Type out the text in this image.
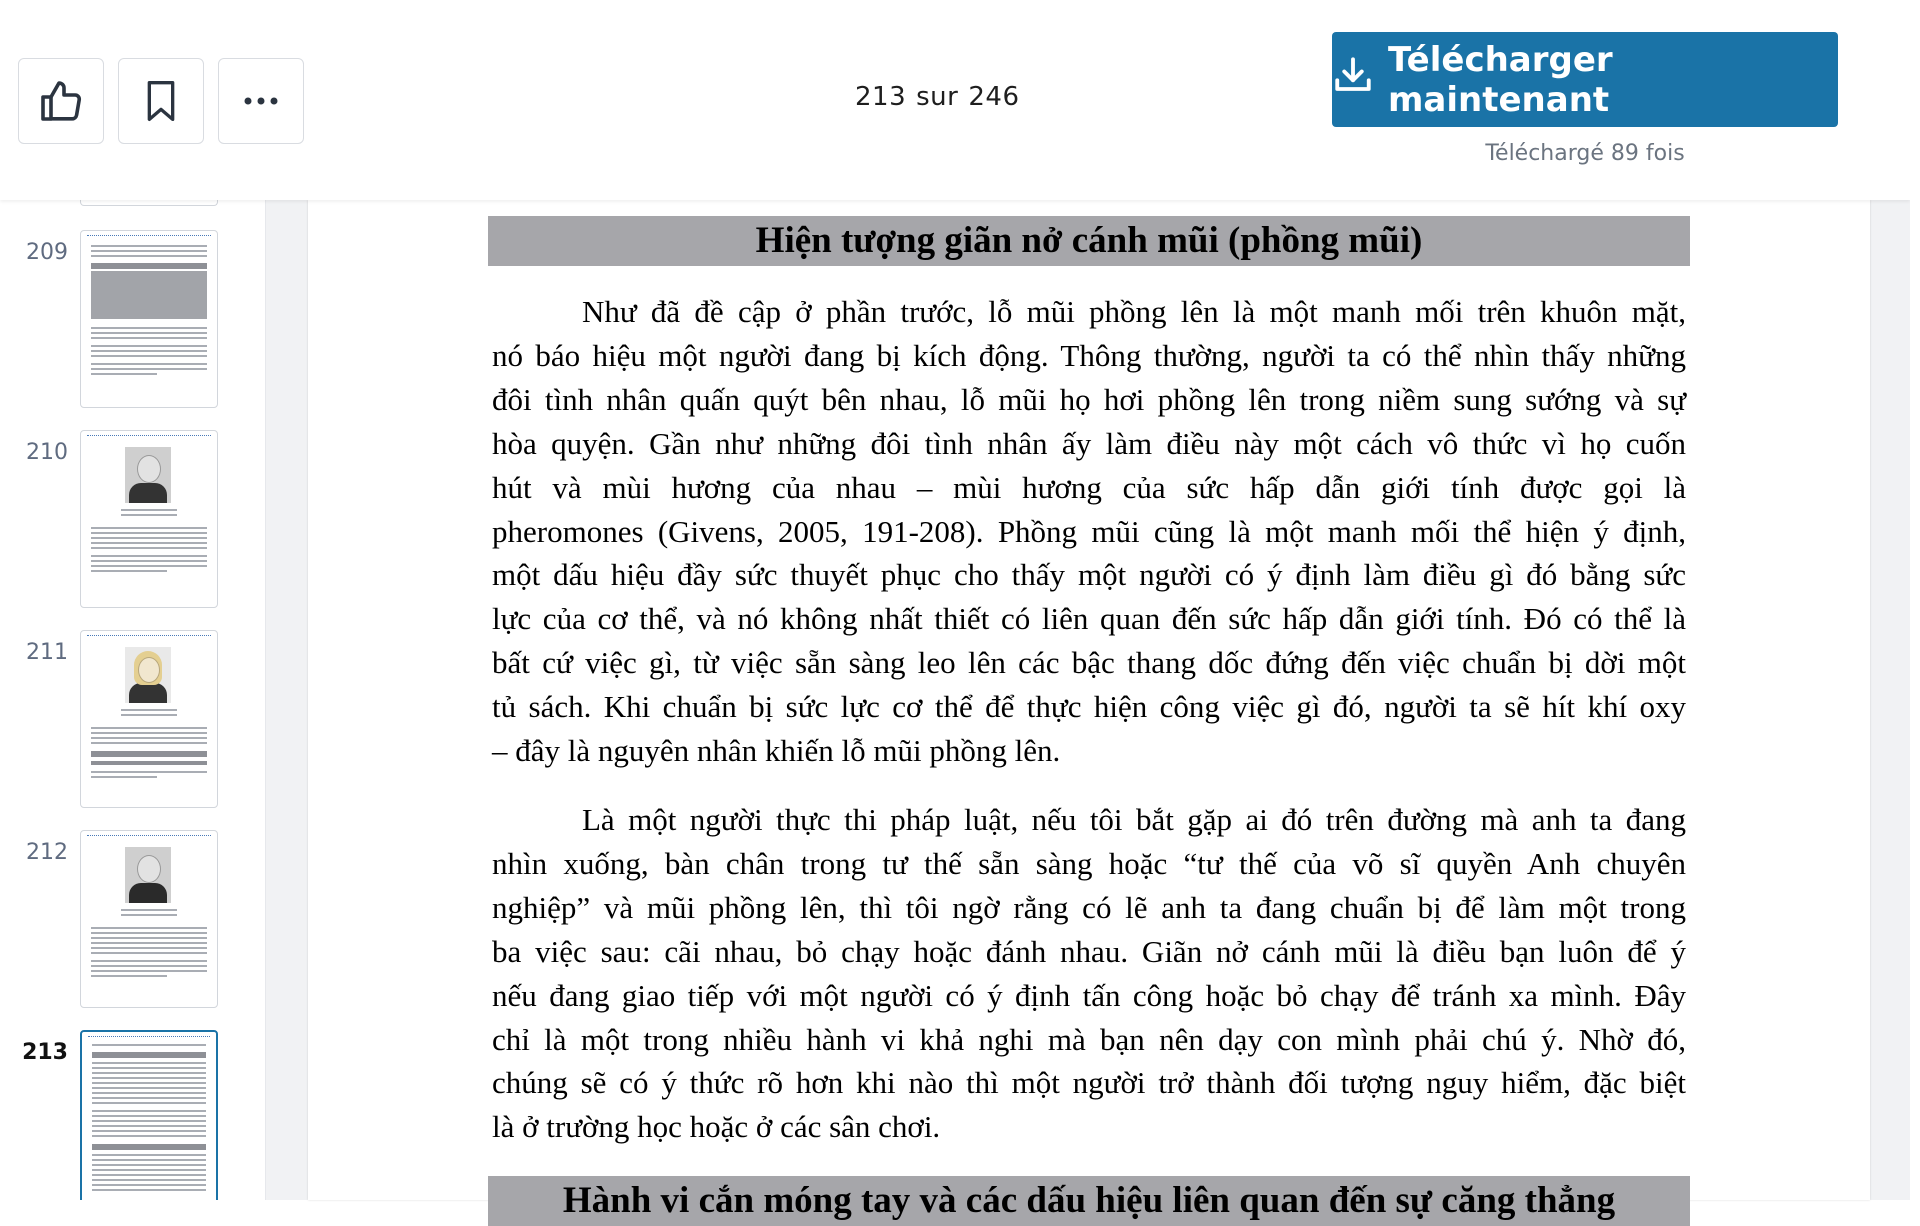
Hiện tượng giãn nở cánh mũi (phồng mũi)
Như đã đề cập ở phần trước, lỗ mũi phồng lên là một manh mối trên khuôn mặt,
nó báo hiệu một người đang bị kích động. Thông thường, người ta có thể nhìn thấy những
đôi tình nhân quấn quýt bên nhau, lỗ mũi họ hơi phồng lên trong niềm sung sướng và sự
hòa quyện. Gần như những đôi tình nhân ấy làm điều này một cách vô thức vì họ cuốn
hút và mùi hương của nhau – mùi hương của sức hấp dẫn giới tính được gọi là
pheromones (Givens, 2005, 191-208). Phồng mũi cũng là một manh mối thể hiện ý định,
một dấu hiệu đầy sức thuyết phục cho thấy một người có ý định làm điều gì đó bằng sức
lực của cơ thể, và nó không nhất thiết có liên quan đến sức hấp dẫn giới tính. Đó có thể là
bất cứ việc gì, từ việc sẵn sàng leo lên các bậc thang dốc đứng đến việc chuẩn bị dời một
tủ sách. Khi chuẩn bị sức lực cơ thể để thực hiện công việc gì đó, người ta sẽ hít khí oxy
– đây là nguyên nhân khiến lỗ mũi phồng lên.
Là một người thực thi pháp luật, nếu tôi bắt gặp ai đó trên đường mà anh ta đang
nhìn xuống, bàn chân trong tư thế sẵn sàng hoặc “tư thế của võ sĩ quyền Anh chuyên
nghiệp” và mũi phồng lên, thì tôi ngờ rằng có lẽ anh ta đang chuẩn bị để làm một trong
ba việc sau: cãi nhau, bỏ chạy hoặc đánh nhau. Giãn nở cánh mũi là điều bạn luôn để ý
nếu đang giao tiếp với một người có ý định tấn công hoặc bỏ chạy để tránh xa mình. Đây
chỉ là một trong nhiều hành vi khả nghi mà bạn nên dạy con mình phải chú ý. Nhờ đó,
chúng sẽ có ý thức rõ hơn khi nào thì một người trở thành đối tượng nguy hiểm, đặc biệt
là ở trường học hoặc ở các sân chơi.
Hành vi cắn móng tay và các dấu hiệu liên quan đến sự căng thẳng
209
210
211
212
213
213 sur 246
Télécharger maintenant
Téléchargé 89 fois
